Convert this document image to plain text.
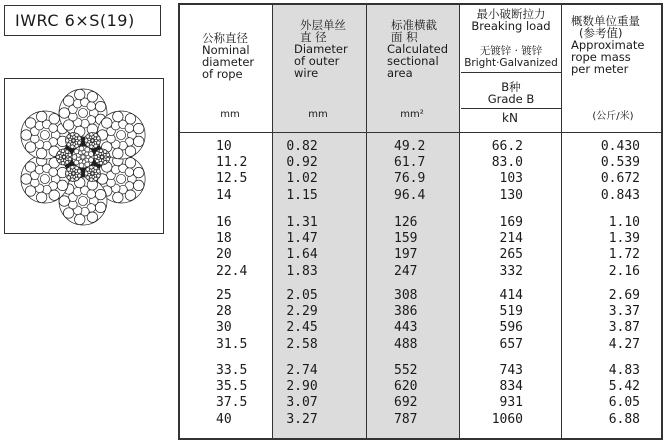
IWRC 6×S(19)
公称直径
Nominal
diameter
of rope
外层单丝
直 径
Diameter
of outer
wire
标准横截
面 积
Calculated
sectional
area
最小破断拉力
Breaking load
无镀锌 · 镀锌
Bright·Galvanized
B种
Grade B
概数单位重量
(参考值)
Approximate
rope mass
per meter
mm	mm	mm²	kN	(公斤/米)
10	0.82	49.2	66.2	0.430
11.2	0.92	61.7	83.0	0.539
12.5	1.02	76.9	103	0.672
14	1.15	96.4	130	0.843
16	1.31	126	169	1.10
18	1.47	159	214	1.39
20	1.64	197	265	1.72
22.4	1.83	247	332	2.16
25	2.05	308	414	2.69
28	2.29	386	519	3.37
30	2.45	443	596	3.87
31.5	2.58	488	657	4.27
33.5	2.74	552	743	4.83
35.5	2.90	620	834	5.42
37.5	3.07	692	931	6.05
40	3.27	787	1060	6.88
